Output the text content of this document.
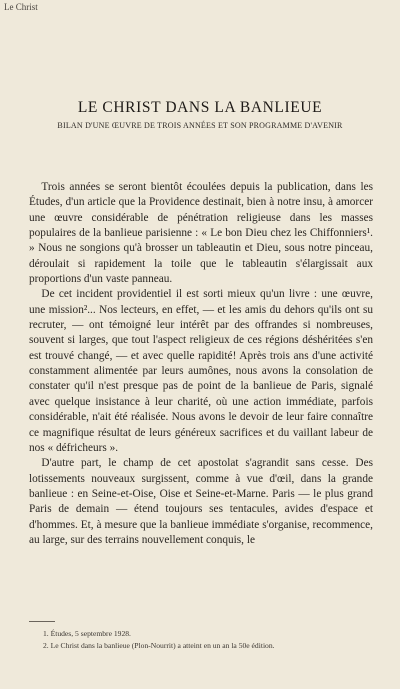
Le Christ
LE CHRIST DANS LA BANLIEUE
BILAN D'UNE ŒUVRE DE TROIS ANNÉES ET SON PROGRAMME D'AVENIR

Trois années se seront bientôt écoulées depuis la publication, dans les Études, d'un article que la Providence destinait, bien à notre insu, à amorcer une œuvre considérable de pénétration religieuse dans les masses populaires de la banlieue parisienne : « Le bon Dieu chez les Chiffonniers¹. » Nous ne songions qu'à brosser un tableautin et Dieu, sous notre pinceau, déroulait si rapidement la toile que le tableautin s'élargissait aux proportions d'un vaste panneau.

De cet incident providentiel il est sorti mieux qu'un livre : une œuvre, une mission²... Nos lecteurs, en effet, — et les amis du dehors qu'ils ont su recruter, — ont témoigné leur intérêt par des offrandes si nombreuses, souvent si larges, que tout l'aspect religieux de ces régions déshéritées s'en est trouvé changé, — et avec quelle rapidité! Après trois ans d'une activité constamment alimentée par leurs aumônes, nous avons la consolation de constater qu'il n'est presque pas de point de la banlieue de Paris, signalé avec quelque insistance à leur charité, où une action immédiate, parfois considérable, n'ait été réalisée. Nous avons le devoir de leur faire connaître ce magnifique résultat de leurs généreux sacrifices et du vaillant labeur de nos « défricheurs ».

D'autre part, le champ de cet apostolat s'agrandit sans cesse. Des lotissements nouveaux surgissent, comme à vue d'œil, dans la grande banlieue : en Seine-et-Oise, Oise et Seine-et-Marne. Paris — le plus grand Paris de demain — étend toujours ses tentacules, avides d'espace et d'hommes. Et, à mesure que la banlieue immédiate s'organise, recommence, au large, sur des terrains nouvellement conquis, le

1. Études, 5 septembre 1928.
2. Le Christ dans la banlieue (Plon-Nourrit) a atteint en un an la 50e édition.
